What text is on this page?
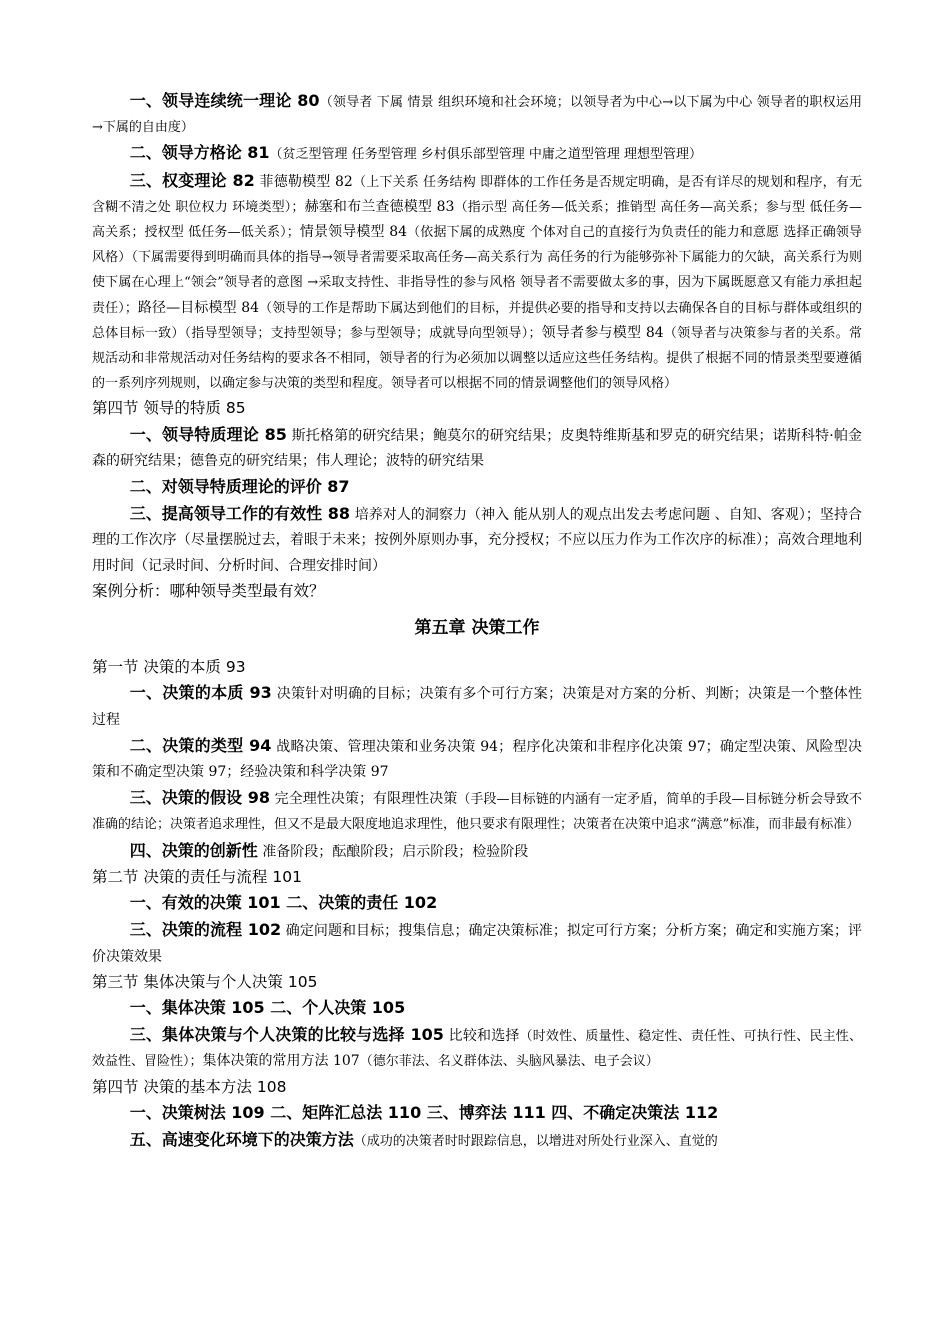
一、领导连续统一理论 80（领导者 下属 情景 组织环境和社会环境；以领导者为中心→以下属为中心 领导者的职权运用→下属的自由度）

二、领导方格论 81（贫乏型管理 任务型管理 乡村俱乐部型管理 中庸之道型管理 理想型管理）

三、权变理论 82 菲德勒模型 82（上下关系 任务结构 即群体的工作任务是否规定明确，是否有详尽的规划和程序，有无含糊不清之处 职位权力 环境类型）；赫塞和布兰查德模型 83（指示型 高任务—低关系；推销型 高任务—高关系；参与型 低任务—高关系；授权型 低任务—低关系）；情景领导模型 84（依据下属的成熟度 个体对自己的直接行为负责任的能力和意愿 选择正确领导风格）（下属需要得到明确而具体的指导→领导者需要采取高任务—高关系行为 高任务的行为能够弥补下属能力的欠缺，高关系行为则使下属在心理上“领会”领导者的意图 →采取支持性、非指导性的参与风格 领导者不需要做太多的事，因为下属既愿意又有能力承担起责任）；路径—目标模型 84（领导的工作是帮助下属达到他们的目标，并提供必要的指导和支持以去确保各自的目标与群体或组织的总体目标一致）（指导型领导；支持型领导；参与型领导；成就导向型领导）；领导者参与模型 84（领导者与决策参与者的关系。常规活动和非常规活动对任务结构的要求各不相同，领导者的行为必须加以调整以适应这些任务结构。提供了根据不同的情景类型要遵循的一系列序列规则，以确定参与决策的类型和程度。领导者可以根据不同的情景调整他们的领导风格）

第四节 领导的特质 85

一、领导特质理论 85 斯托格第的研究结果；鲍莫尔的研究结果；皮奥特维斯基和罗克的研究结果；诺斯科特·帕金森的研究结果；德鲁克的研究结果；伟人理论；波特的研究结果

二、对领导特质理论的评价 87

三、提高领导工作的有效性 88 培养对人的洞察力（神入 能从别人的观点出发去考虑问题 、自知、客观）；坚持合理的工作次序（尽量摆脱过去，着眼于未来；按例外原则办事，充分授权；不应以压力作为工作次序的标准）；高效合理地利用时间（记录时间、分析时间、合理安排时间）

案例分析：哪种领导类型最有效？

第五章 决策工作

第一节 决策的本质 93

一、决策的本质 93 决策针对明确的目标；决策有多个可行方案；决策是对方案的分析、判断；决策是一个整体性过程

二、决策的类型 94 战略决策、管理决策和业务决策 94；程序化决策和非程序化决策 97；确定型决策、风险型决策和不确定型决策 97；经验决策和科学决策 97

三、决策的假设 98 完全理性决策；有限理性决策（手段—目标链的内涵有一定矛盾，简单的手段—目标链分析会导致不准确的结论；决策者追求理性，但又不是最大限度地追求理性，他只要求有限理性；决策者在决策中追求“满意”标准，而非最有标准）

四、决策的创新性 准备阶段；酝酿阶段；启示阶段；检验阶段

第二节 决策的责任与流程 101

一、有效的决策 101 二、决策的责任 102

三、决策的流程 102 确定问题和目标；搜集信息；确定决策标准；拟定可行方案；分析方案；确定和实施方案；评价决策效果

第三节 集体决策与个人决策 105

一、集体决策 105 二、个人决策 105

三、集体决策与个人决策的比较与选择 105 比较和选择（时效性、质量性、稳定性、责任性、可执行性、民主性、效益性、冒险性）；集体决策的常用方法 107（德尔菲法、名义群体法、头脑风暴法、电子会议）

第四节 决策的基本方法 108

一、决策树法 109 二、矩阵汇总法 110 三、博弈法 111 四、不确定决策法 112

五、高速变化环境下的决策方法（成功的决策者时时跟踪信息，以增进对所处行业深入、直觉的
